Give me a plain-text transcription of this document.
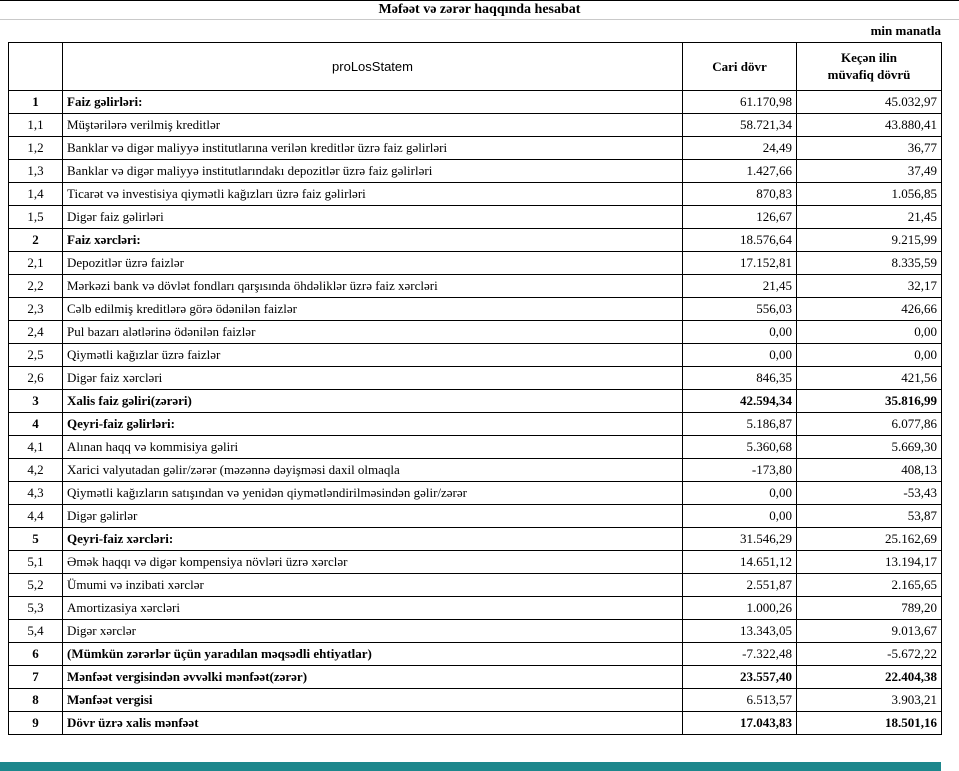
Məfəət və zərər haqqında hesabat
min manatla
	proLosStatem	Cari dövr	Keçən ilin müvafiq dövrü
1	Faiz gəlirləri:	61.170,98	45.032,97
1,1	Müştərilərə verilmiş kreditlər	58.721,34	43.880,41
1,2	Banklar və digər maliyyə institutlarına verilən kreditlər üzrə faiz gəlirləri	24,49	36,77
1,3	Banklar və digər maliyyə institutlarındakı depozitlər üzrə faiz gəlirləri	1.427,66	37,49
1,4	Ticarət və investisiya qiymətli kağızları üzrə faiz gəlirləri	870,83	1.056,85
1,5	Digər faiz gəlirləri	126,67	21,45
2	Faiz xərcləri:	18.576,64	9.215,99
2,1	Depozitlər üzrə faizlər	17.152,81	8.335,59
2,2	Mərkəzi bank və dövlət fondları qarşısında öhdəliklər üzrə faiz xərcləri	21,45	32,17
2,3	Cəlb edilmiş kreditlərə görə ödənilən faizlər	556,03	426,66
2,4	Pul bazarı alətlərinə ödənilən faizlər	0,00	0,00
2,5	Qiymətli kağızlar üzrə faizlər	0,00	0,00
2,6	Digər faiz xərcləri	846,35	421,56
3	Xalis faiz gəliri(zərəri)	42.594,34	35.816,99
4	Qeyri-faiz gəlirləri:	5.186,87	6.077,86
4,1	Alınan haqq və kommisiya gəliri	5.360,68	5.669,30
4,2	Xarici valyutadan gəlir/zərər (məzənnə dəyişməsi daxil olmaqla	-173,80	408,13
4,3	Qiymətli kağızların satışından və yenidən qiymətləndirilməsindən gəlir/zərər	0,00	-53,43
4,4	Digər gəlirlər	0,00	53,87
5	Qeyri-faiz xərcləri:	31.546,29	25.162,69
5,1	Əmək haqqı və digər kompensiya növləri üzrə xərclər	14.651,12	13.194,17
5,2	Ümumi və inzibati xərclər	2.551,87	2.165,65
5,3	Amortizasiya xərcləri	1.000,26	789,20
5,4	Digər xərclər	13.343,05	9.013,67
6	(Mümkün zərərlər üçün yaradılan məqsədli ehtiyatlar)	-7.322,48	-5.672,22
7	Mənfəət vergisindən əvvəlki mənfəət(zərər)	23.557,40	22.404,38
8	Mənfəət vergisi	6.513,57	3.903,21
9	Dövr üzrə xalis mənfəət	17.043,83	18.501,16
